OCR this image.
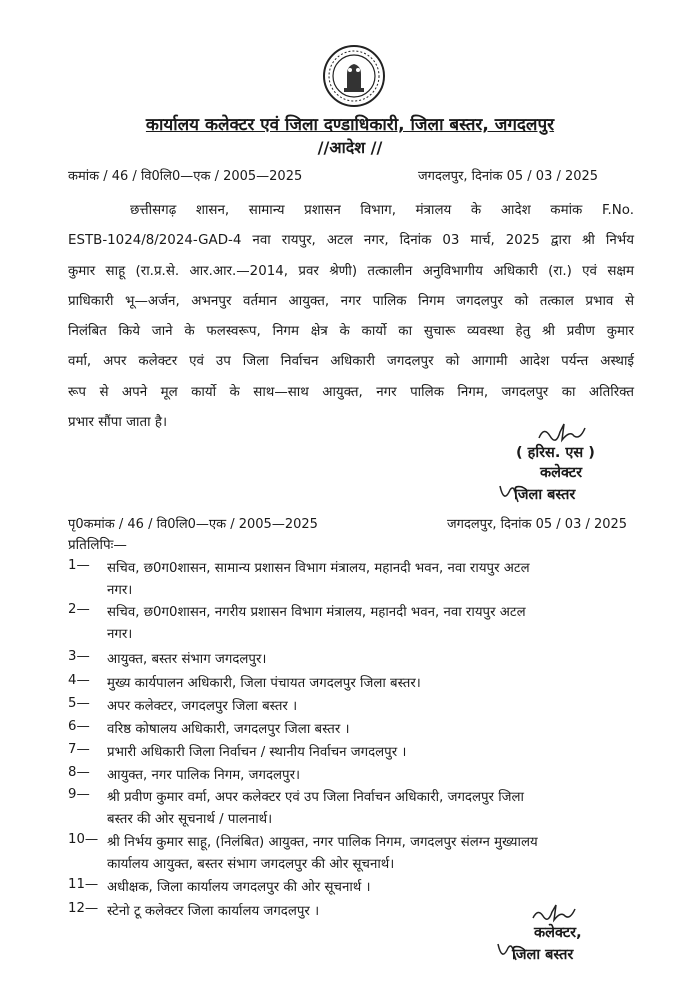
कार्यालय कलेक्टर एवं जिला दण्डाधिकारी, जिला बस्तर, जगदलपुर
//आदेश //
कमांक / 46 / वि0लि0—एक / 2005—2025	जगदलपुर, दिनांक 05 / 03 / 2025
छत्तीसगढ़ शासन, सामान्य प्रशासन विभाग, मंत्रालय के आदेश कमांक F.No.
ESTB-1024/8/2024-GAD-4 नवा रायपुर, अटल नगर, दिनांक 03 मार्च, 2025 द्वारा श्री निर्भय
कुमार साहू (रा.प्र.से. आर.आर.—2014, प्रवर श्रेणी) तत्कालीन अनुविभागीय अधिकारी (रा.) एवं सक्षम
प्राधिकारी भू—अर्जन, अभनपुर वर्तमान आयुक्त, नगर पालिक निगम जगदलपुर को तत्काल प्रभाव से
निलंबित किये जाने के फलस्वरूप, निगम क्षेत्र के कार्यो का सुचारू व्यवस्था हेतु श्री प्रवीण कुमार
वर्मा, अपर कलेक्टर एवं उप जिला निर्वाचन अधिकारी जगदलपुर को आगामी आदेश पर्यन्त अस्थाई
रूप से अपने मूल कार्यो के साथ—साथ आयुक्त, नगर पालिक निगम, जगदलपुर का अतिरिक्त
प्रभार सौंपा जाता है।
( हरिस. एस )
कलेक्टर
जिला बस्तर
पृ0कमांक / 46 / वि0लि0—एक / 2005—2025	जगदलपुर, दिनांक 05 / 03 / 2025
प्रतिलिपिः—
1—	सचिव, छ0ग0शासन, सामान्य प्रशासन विभाग मंत्रालय, महानदी भवन, नवा रायपुर अटल
नगर।
2—	सचिव, छ0ग0शासन, नगरीय प्रशासन विभाग मंत्रालय, महानदी भवन, नवा रायपुर अटल
नगर।
3—	आयुक्त, बस्तर संभाग जगदलपुर।
4—	मुख्य कार्यपालन अधिकारी, जिला पंचायत जगदलपुर जिला बस्तर।
5—	अपर कलेक्टर, जगदलपुर जिला बस्तर ।
6—	वरिष्ठ कोषालय अधिकारी, जगदलपुर जिला बस्तर ।
7—	प्रभारी अधिकारी जिला निर्वाचन / स्थानीय निर्वाचन जगदलपुर ।
8—	आयुक्त, नगर पालिक निगम, जगदलपुर।
9—	श्री प्रवीण कुमार वर्मा, अपर कलेक्टर एवं उप जिला निर्वाचन अधिकारी, जगदलपुर जिला
बस्तर की ओर सूचनार्थ / पालनार्थ।
10— श्री निर्भय कुमार साहू, (निलंबित) आयुक्त, नगर पालिक निगम, जगदलपुर संलग्न मुख्यालय
कार्यालय आयुक्त, बस्तर संभाग जगदलपुर की ओर सूचनार्थ।
11— अधीक्षक, जिला कार्यालय जगदलपुर की ओर सूचनार्थ ।
12— स्टेनो टू कलेक्टर जिला कार्यालय जगदलपुर ।
कलेक्टर,
जिला बस्तर
